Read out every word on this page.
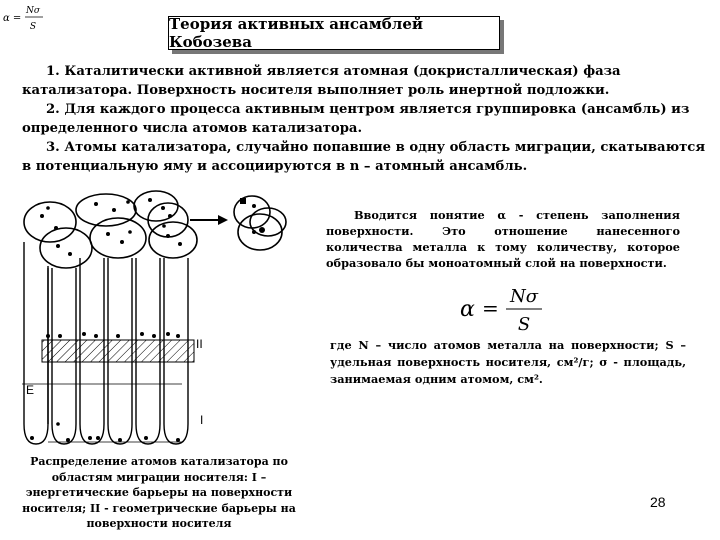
α =
Nσ
S	Теория активных ансамблей Кобозева
1. Каталитически активной является атомная (докристаллическая) фаза катализатора. Поверхность носителя выполняет роль инертной подложки.
2. Для каждого процесса активным центром является группировка (ансамбль) из определенного числа атомов катализатора.
3. Атомы катализатора, случайно попавшие в одну область миграции, скатываются в потенциальную яму и ассоциируются в n – атомный ансамбль.
II
E
I
Вводится понятие α - степень заполнения поверхности. Это отношение нанесенного количества металла к тому количеству, которое образовало бы моноатомный слой на поверхности.
α = Nσ
S
где N – число атомов металла на поверхности; S – удельная поверхность носителя, см²/г; σ - площадь, занимаемая одним атомом, см².
Распределение атомов катализатора по областям миграции носителя: I – энергетические барьеры на поверхности носителя; II - геометрические барьеры на поверхности носителя
28
